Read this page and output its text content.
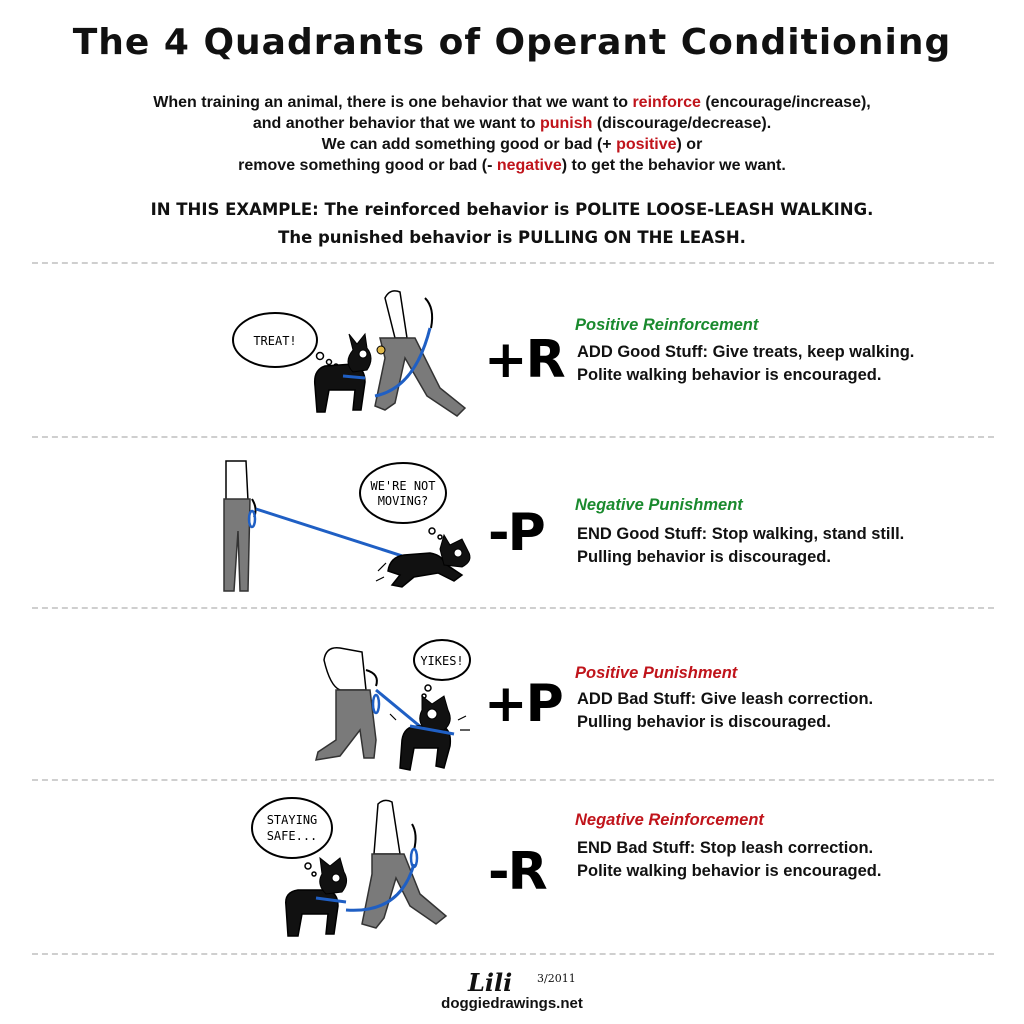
The 4 Quadrants of Operant Conditioning
When training an animal, there is one behavior that we want to reinforce (encourage/increase),
and another behavior that we want to punish (discourage/decrease).
We can add something good or bad (+ positive) or
remove something good or bad (- negative) to get the behavior we want.
IN THIS EXAMPLE: The reinforced behavior is POLITE LOOSE-LEASH WALKING.
The punished behavior is PULLING ON THE LEASH.
TREAT!	+R
Positive Reinforcement
ADD Good Stuff: Give treats, keep walking.
Polite walking behavior is encouraged.
WE'RE NOT
MOVING?
-P Negative Punishment
END Good Stuff: Stop walking, stand still.
Pulling behavior is discouraged.
YIKES!
+P
Positive Punishment
ADD Bad Stuff: Give leash correction.
Pulling behavior is discouraged.
STAYING
SAFE...
-R
Negative Reinforcement
END Bad Stuff: Stop leash correction.
Polite walking behavior is encouraged.
Lili 3/2011
doggiedrawings.net
